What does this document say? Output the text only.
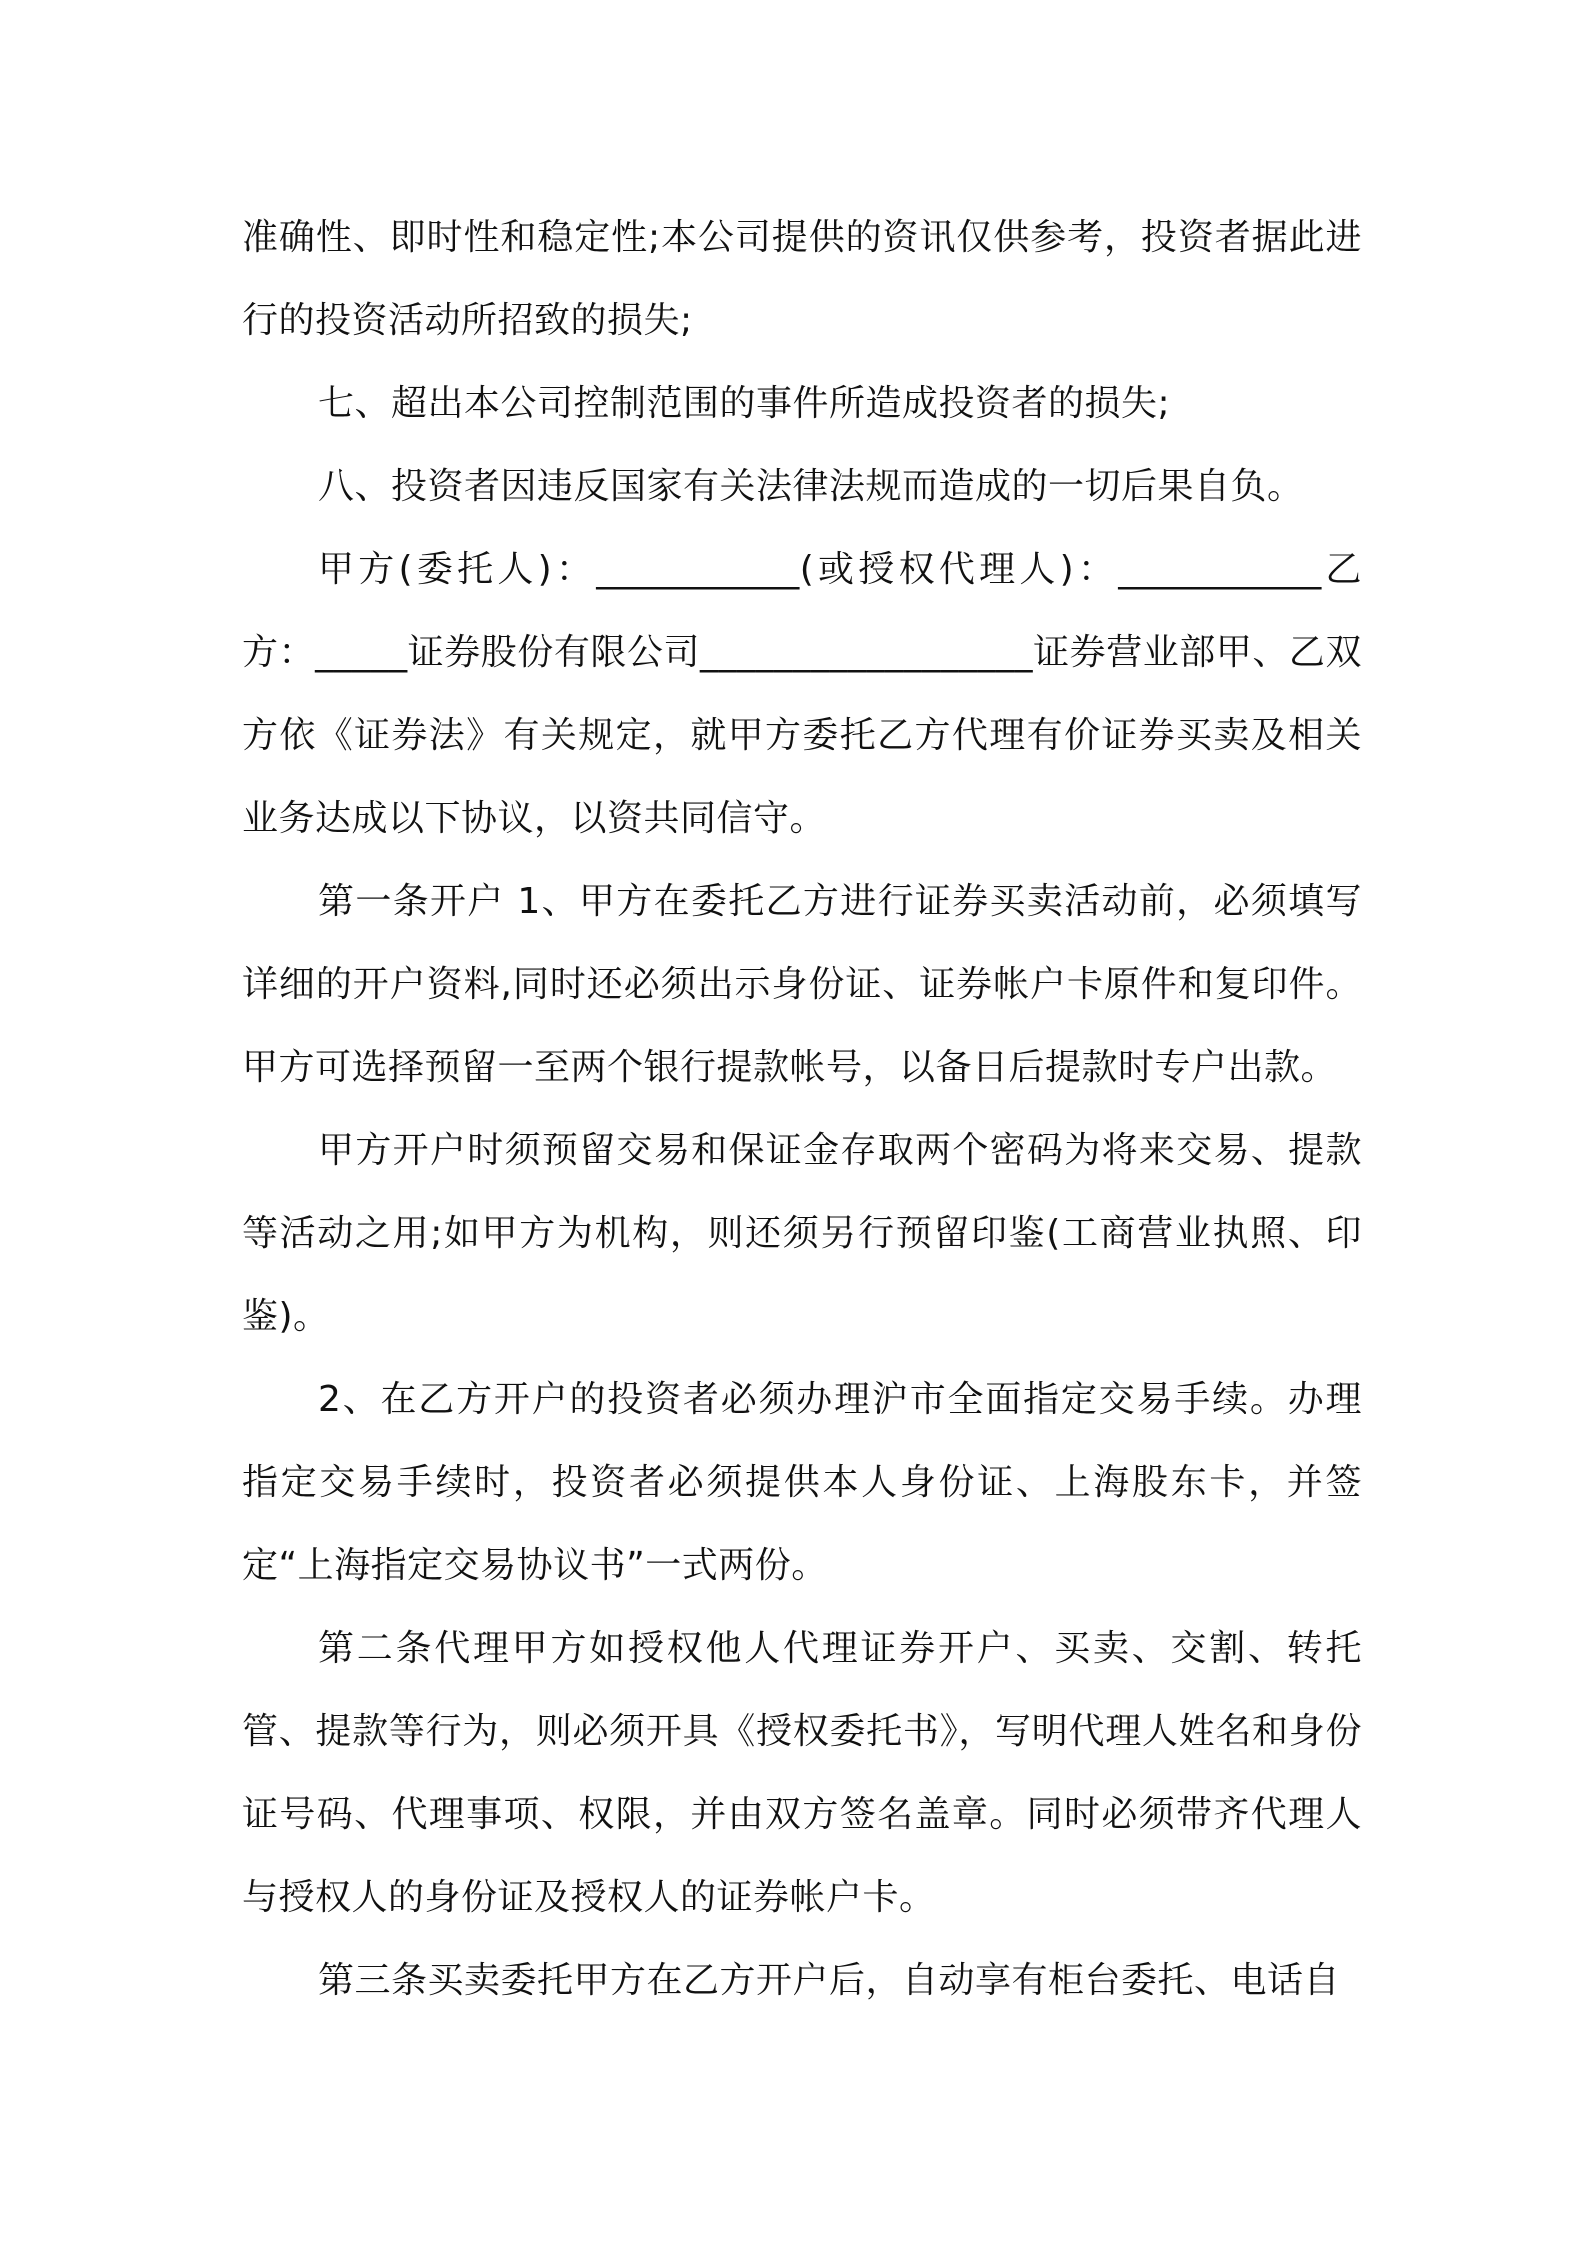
准确性、即时性和稳定性;本公司提供的资讯仅供参考，投资者据此进行的投资活动所招致的损失;

七、超出本公司控制范围的事件所造成投资者的损失;

八、投资者因违反国家有关法律法规而造成的一切后果自负。

甲方(委托人)：___________(或授权代理人)：___________乙方：_____证券股份有限公司__________________证券营业部甲、乙双方依《证券法》有关规定，就甲方委托乙方代理有价证券买卖及相关业务达成以下协议，以资共同信守。

第一条开户 1、甲方在委托乙方进行证券买卖活动前，必须填写详细的开户资料,同时还必须出示身份证、证券帐户卡原件和复印件。甲方可选择预留一至两个银行提款帐号，以备日后提款时专户出款。

甲方开户时须预留交易和保证金存取两个密码为将来交易、提款等活动之用;如甲方为机构，则还须另行预留印鉴(工商营业执照、印鉴)。

2、在乙方开户的投资者必须办理沪市全面指定交易手续。办理指定交易手续时，投资者必须提供本人身份证、上海股东卡，并签定“上海指定交易协议书”一式两份。

第二条代理甲方如授权他人代理证券开户、买卖、交割、转托管、提款等行为，则必须开具《授权委托书》，写明代理人姓名和身份证号码、代理事项、权限，并由双方签名盖章。同时必须带齐代理人与授权人的身份证及授权人的证券帐户卡。

第三条买卖委托甲方在乙方开户后，自动享有柜台委托、电话自
